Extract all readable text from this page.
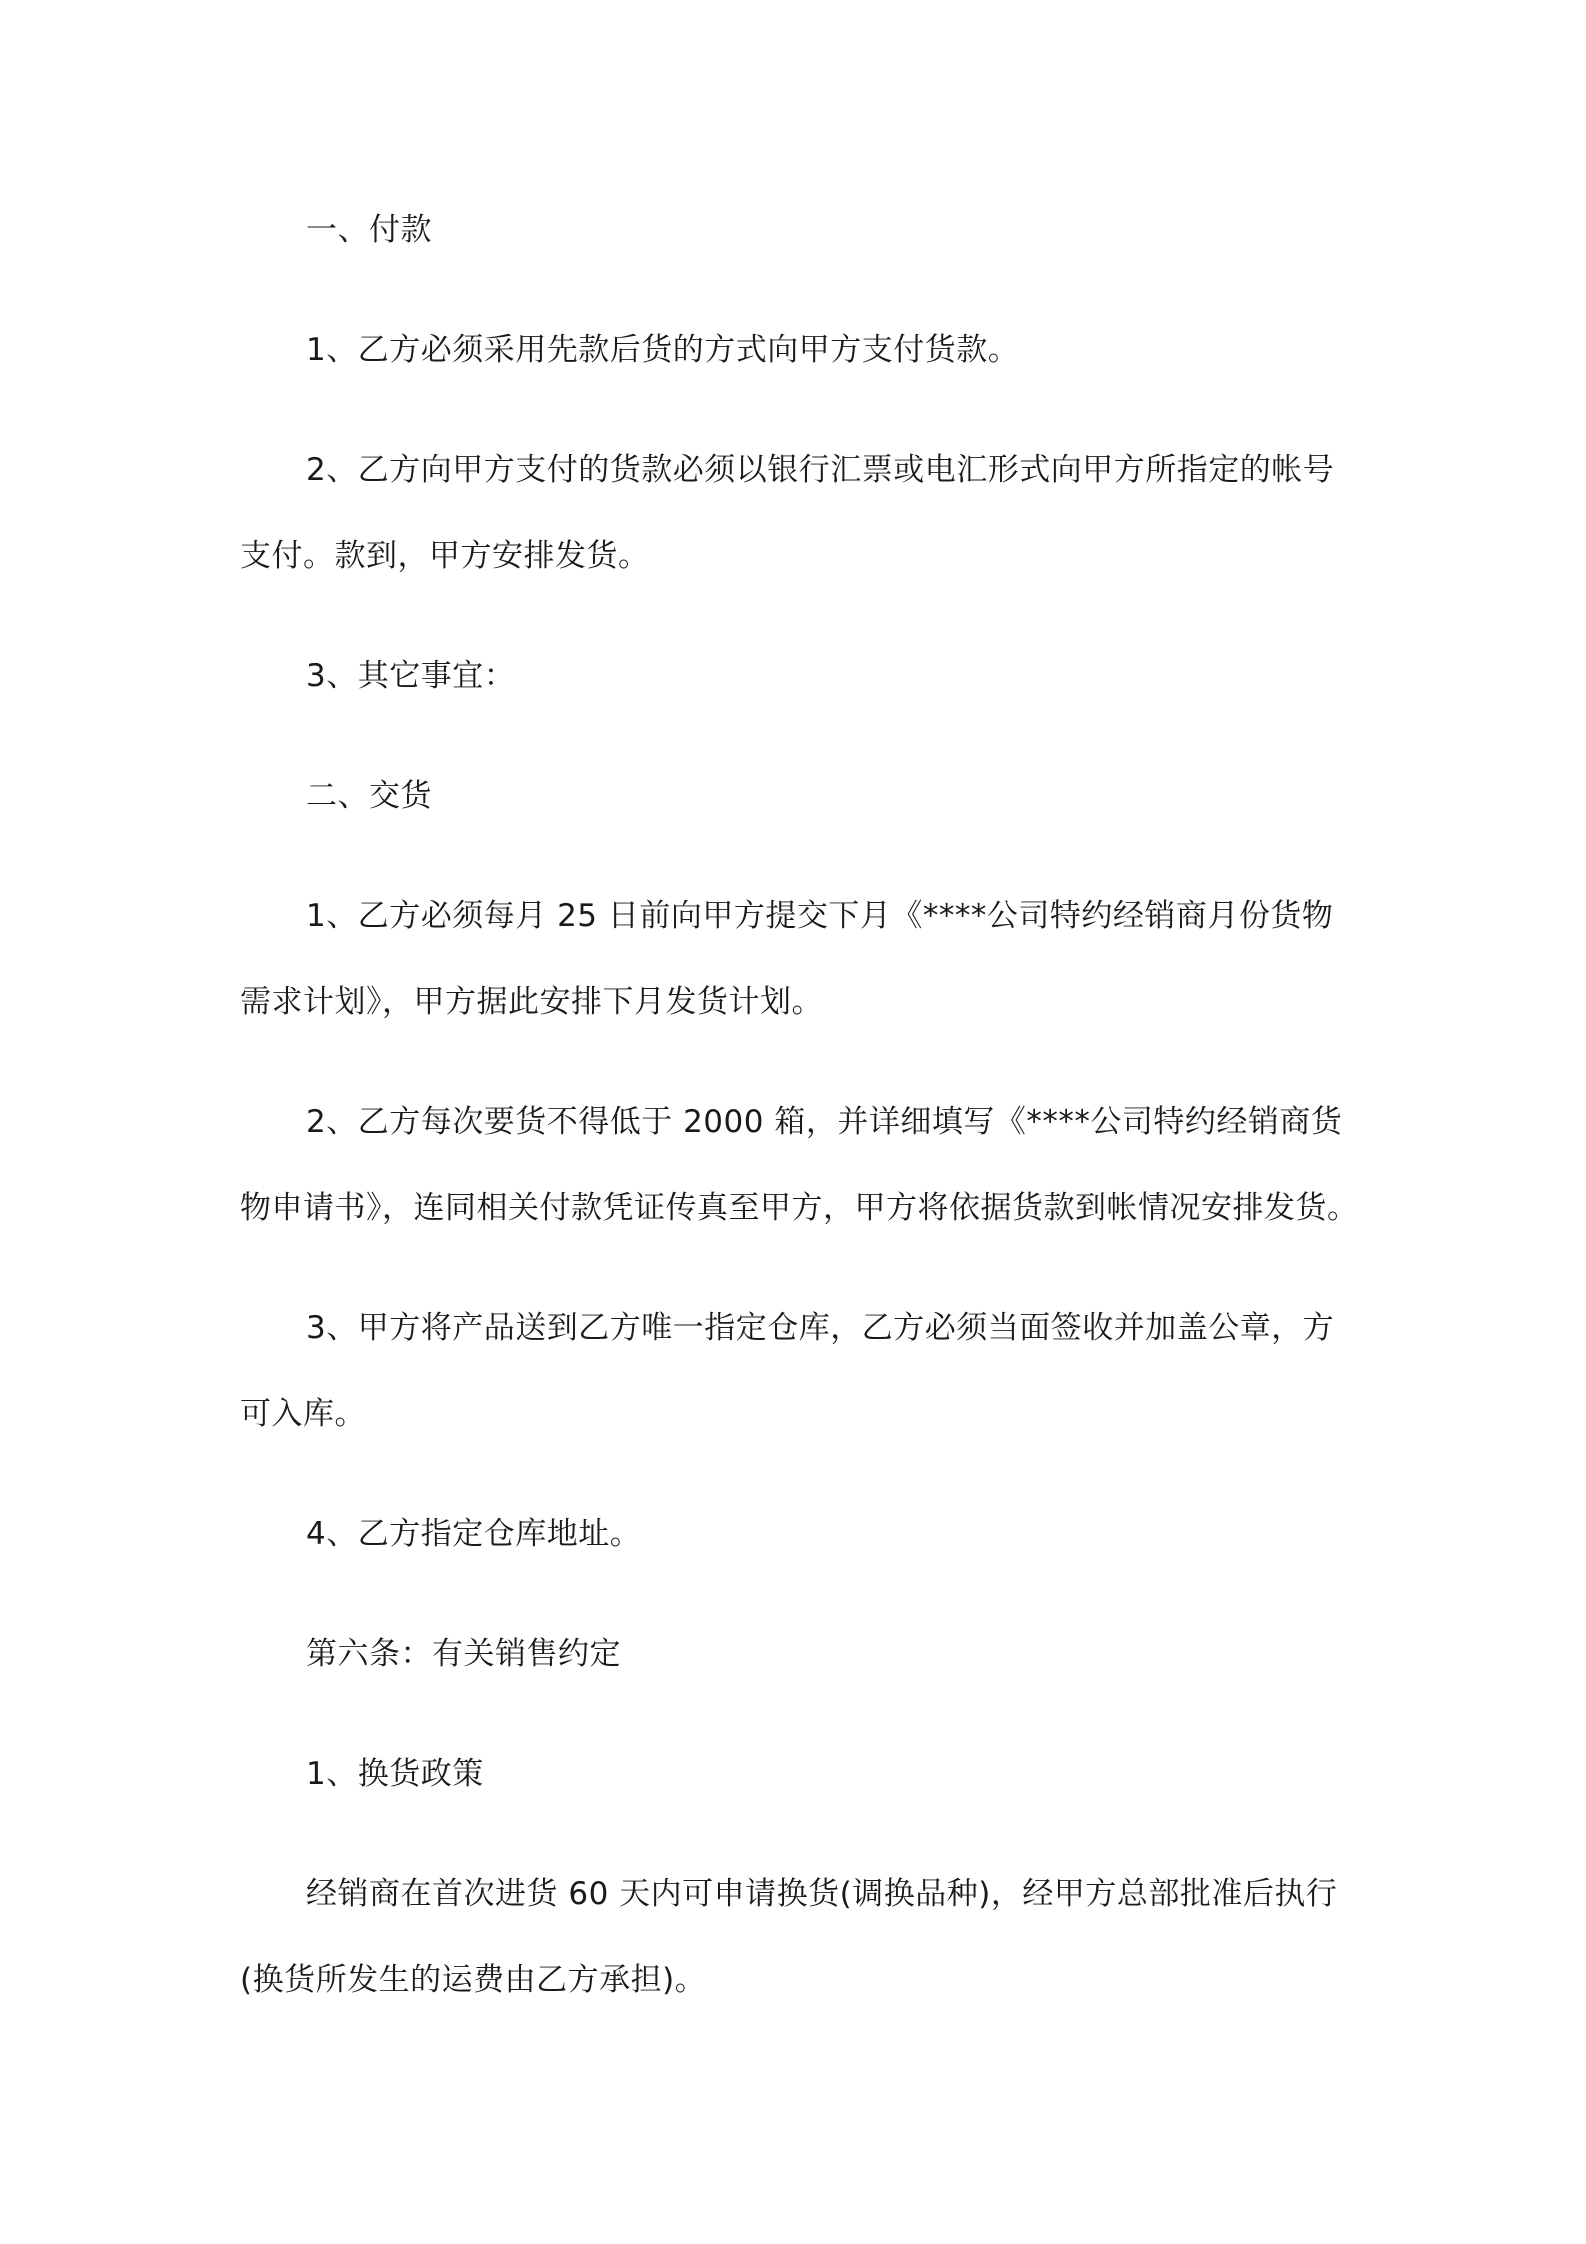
一、付款

1、乙方必须采用先款后货的方式向甲方支付货款。

2、乙方向甲方支付的货款必须以银行汇票或电汇形式向甲方所指定的帐号

支付。款到，甲方安排发货。

3、其它事宜：

二、交货

1、乙方必须每月 25 日前向甲方提交下月《****公司特约经销商月份货物

需求计划》，甲方据此安排下月发货计划。

2、乙方每次要货不得低于 2000 箱，并详细填写《****公司特约经销商货

物申请书》，连同相关付款凭证传真至甲方，甲方将依据货款到帐情况安排发货。

3、甲方将产品送到乙方唯一指定仓库，乙方必须当面签收并加盖公章，方

可入库。

4、乙方指定仓库地址。

第六条：有关销售约定

1、换货政策

经销商在首次进货 60 天内可申请换货(调换品种)，经甲方总部批准后执行

(换货所发生的运费由乙方承担)。
